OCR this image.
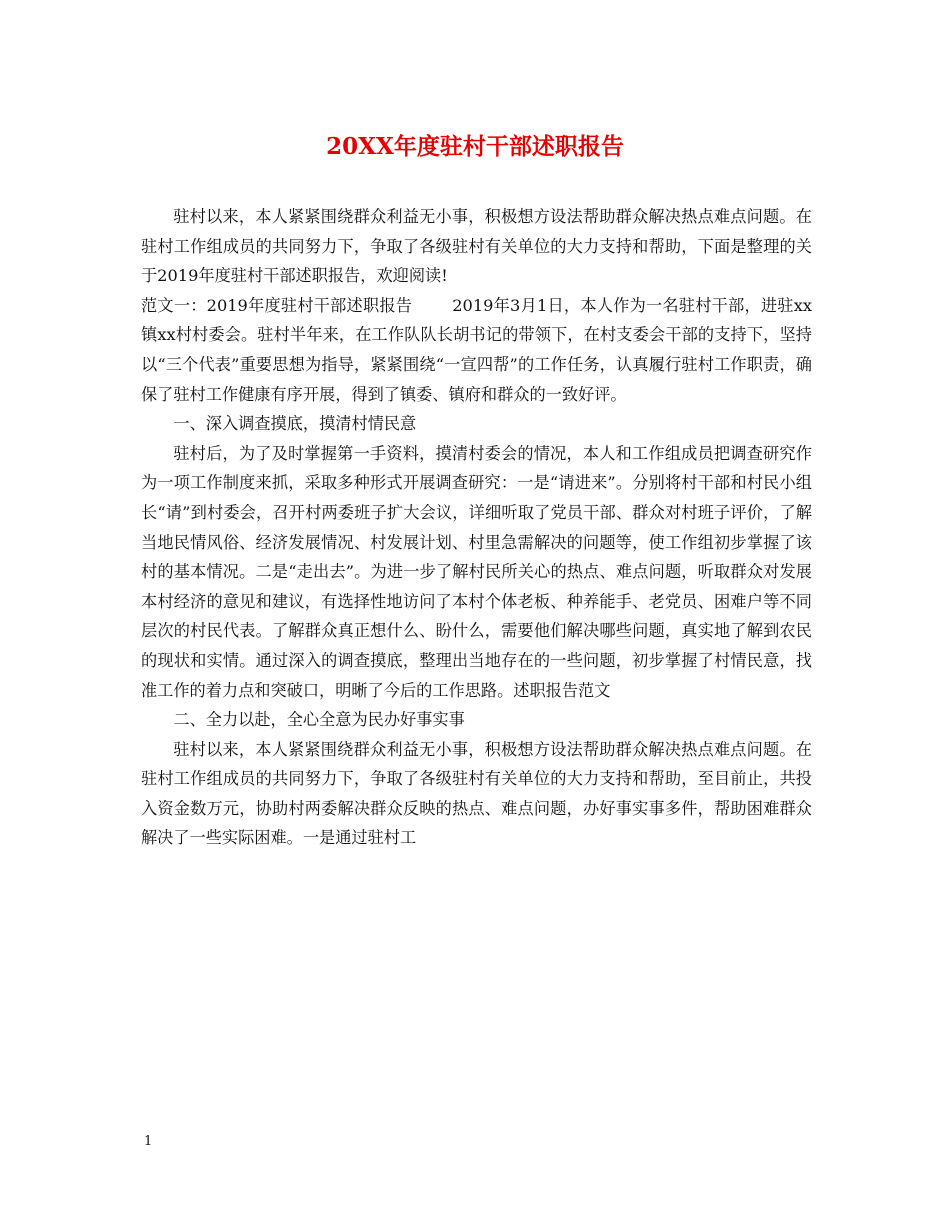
20XX年度驻村干部述职报告

驻村以来，本人紧紧围绕群众利益无小事，积极想方设法帮助群众解决热点难点问题。在驻村工作组成员的共同努力下，争取了各级驻村有关单位的大力支持和帮助，下面是整理的关于2019年度驻村干部述职报告，欢迎阅读!

范文一：2019年度驻村干部述职报告 2019年3月1日，本人作为一名驻村干部，进驻xx镇xx村村委会。驻村半年来，在工作队队长胡书记的带领下，在村支委会干部的支持下，坚持以“三个代表”重要思想为指导，紧紧围绕“一宣四帮”的工作任务，认真履行驻村工作职责，确保了驻村工作健康有序开展，得到了镇委、镇府和群众的一致好评。

一、深入调查摸底，摸清村情民意

驻村后，为了及时掌握第一手资料，摸清村委会的情况，本人和工作组成员把调查研究作为一项工作制度来抓，采取多种形式开展调查研究：一是“请进来”。分别将村干部和村民小组长“请”到村委会，召开村两委班子扩大会议，详细听取了党员干部、群众对村班子评价，了解当地民情风俗、经济发展情况、村发展计划、村里急需解决的问题等，使工作组初步掌握了该村的基本情况。二是“走出去”。为进一步了解村民所关心的热点、难点问题，听取群众对发展本村经济的意见和建议，有选择性地访问了本村个体老板、种养能手、老党员、困难户等不同层次的村民代表。了解群众真正想什么、盼什么，需要他们解决哪些问题，真实地了解到农民的现状和实情。通过深入的调查摸底，整理出当地存在的一些问题，初步掌握了村情民意，找准工作的着力点和突破口，明晰了今后的工作思路。述职报告范文

二、全力以赴，全心全意为民办好事实事

驻村以来，本人紧紧围绕群众利益无小事，积极想方设法帮助群众解决热点难点问题。在驻村工作组成员的共同努力下，争取了各级驻村有关单位的大力支持和帮助，至目前止，共投入资金数万元，协助村两委解决群众反映的热点、难点问题，办好事实事多件，帮助困难群众解决了一些实际困难。一是通过驻村工

1
